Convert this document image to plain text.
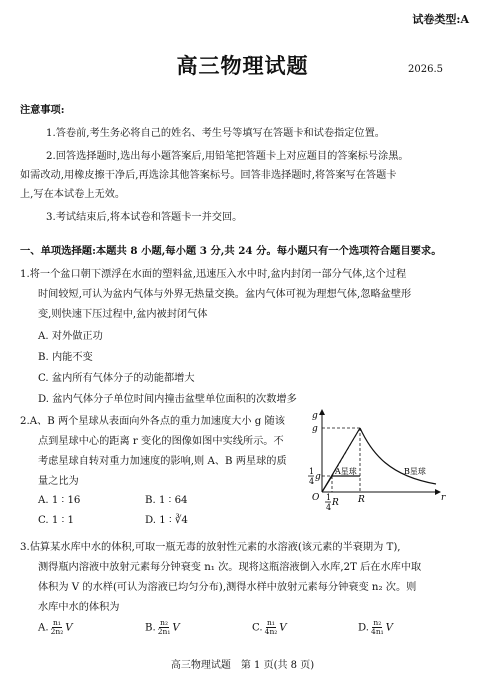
试卷类型:A
高三物理试题	2026.5
注意事项:
1.答卷前,考生务必将自己的姓名、考生号等填写在答题卡和试卷指定位置。
2.回答选择题时,选出每小题答案后,用铅笔把答题卡上对应题目的答案标号涂黑。
如需改动,用橡皮擦干净后,再选涂其他答案标号。回答非选择题时,将答案写在答题卡
上,写在本试卷上无效。
3.考试结束后,将本试卷和答题卡一并交回。
一、单项选择题:本题共 8 小题,每小题 3 分,共 24 分。每小题只有一个选项符合题目要求。
1.将一个盆口朝下漂浮在水面的塑料盆,迅速压入水中时,盆内封闭一部分气体,这个过程
时间较短,可认为盆内气体与外界无热量交换。盆内气体可视为理想气体,忽略盆壁形
变,则快速下压过程中,盆内被封闭气体
A. 对外做正功
B. 内能不变
C. 盆内所有气体分子的动能都增大
D. 盆内气体分子单位时间内撞击盆壁单位面积的次数增多
2.A、B 两个星球从表面向外各点的重力加速度大小 g 随该
点到星球中心的距离 r 变化的图像如图中实线所示。不
考虑星球自转对重力加速度的影响,则 A、B 两星球的质
量之比为
A. 1 ∶ 16	B. 1 ∶ 64
C. 1 ∶ 1	D. 1 ∶ ∛4
g
g
1
4 g
O	r
1
4 R R
A星球	B星球
3.估算某水库中水的体积,可取一瓶无毒的放射性元素的水溶液(该元素的半衰期为 T),
测得瓶内溶液中放射元素每分钟衰变 n₁ 次。现将这瓶溶液倒入水库,2T 后在水库中取
体积为 V 的水样(可认为溶液已均匀分布),测得水样中放射元素每分钟衰变 n₂ 次。则
水库中水的体积为
A. $\frac{\text{n₁}}{\text{2n₂}}$ V	B. $\frac{\text{n₂}}{\text{2n₁}}$ V	C. $\frac{\text{n₁}}{\text{4n₂}}$ V	D. $\frac{\text{n₂}}{\text{4n₁}}$ V
高三物理试题　第 1 页(共 8 页)
